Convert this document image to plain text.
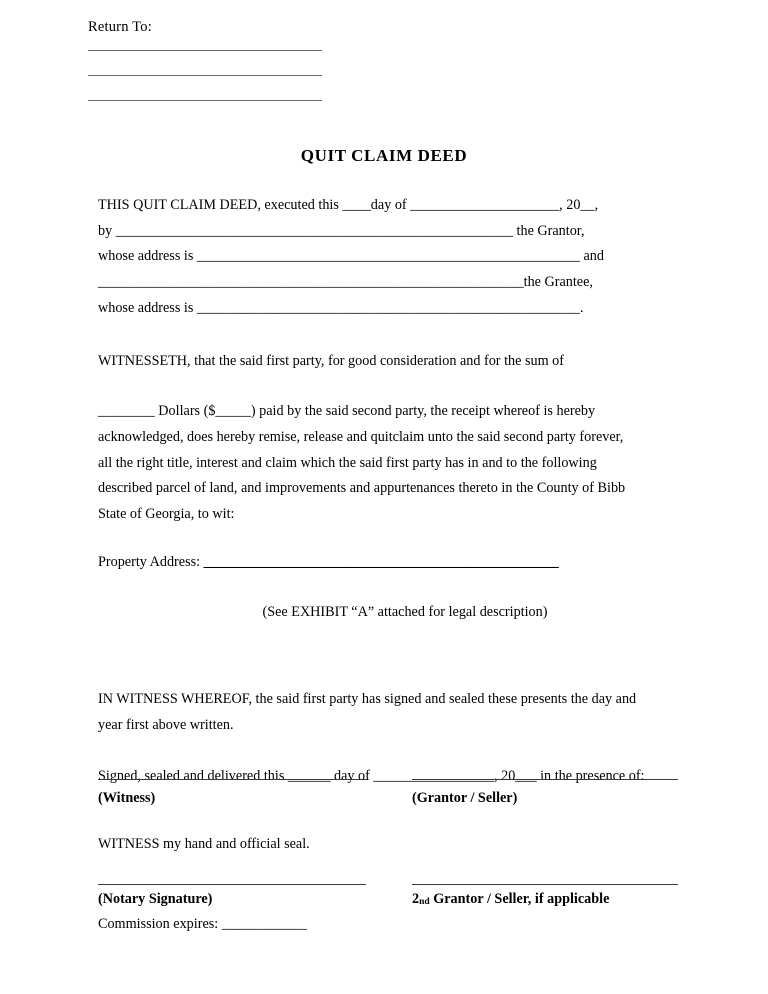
Return To:
QUIT CLAIM DEED

THIS QUIT CLAIM DEED, executed this ____day of _____________________, 20__,

by ________________________________________________________ the Grantor,

whose address is ______________________________________________________ and

____________________________________________________________the Grantee,

whose address is ______________________________________________________.

WITNESSETH, that the said first party, for good consideration and for the sum of

________ Dollars ($_____) paid by the said second party, the receipt whereof is hereby

acknowledged, does hereby remise, release and quitclaim unto the said second party forever,

all the right title, interest and claim which the said first party has in and to the following

described parcel of land, and improvements and appurtenances thereto in the County of Bibb

State of Georgia, to wit:

Property Address: _____________________________________________________

(See EXHIBIT “A” attached for legal description)

IN WITNESS WHEREOF, the said first party has signed and sealed these presents the day and

year first above written.

Signed, sealed and delivered this ______ day of _________________, 20___ in the presence of:

(Witness)	(Grantor / Seller)
WITNESS my hand and official seal.
(Notary Signature)
Commission expires: ____________
$2_{nd}$ Grantor / Seller, if applicable
